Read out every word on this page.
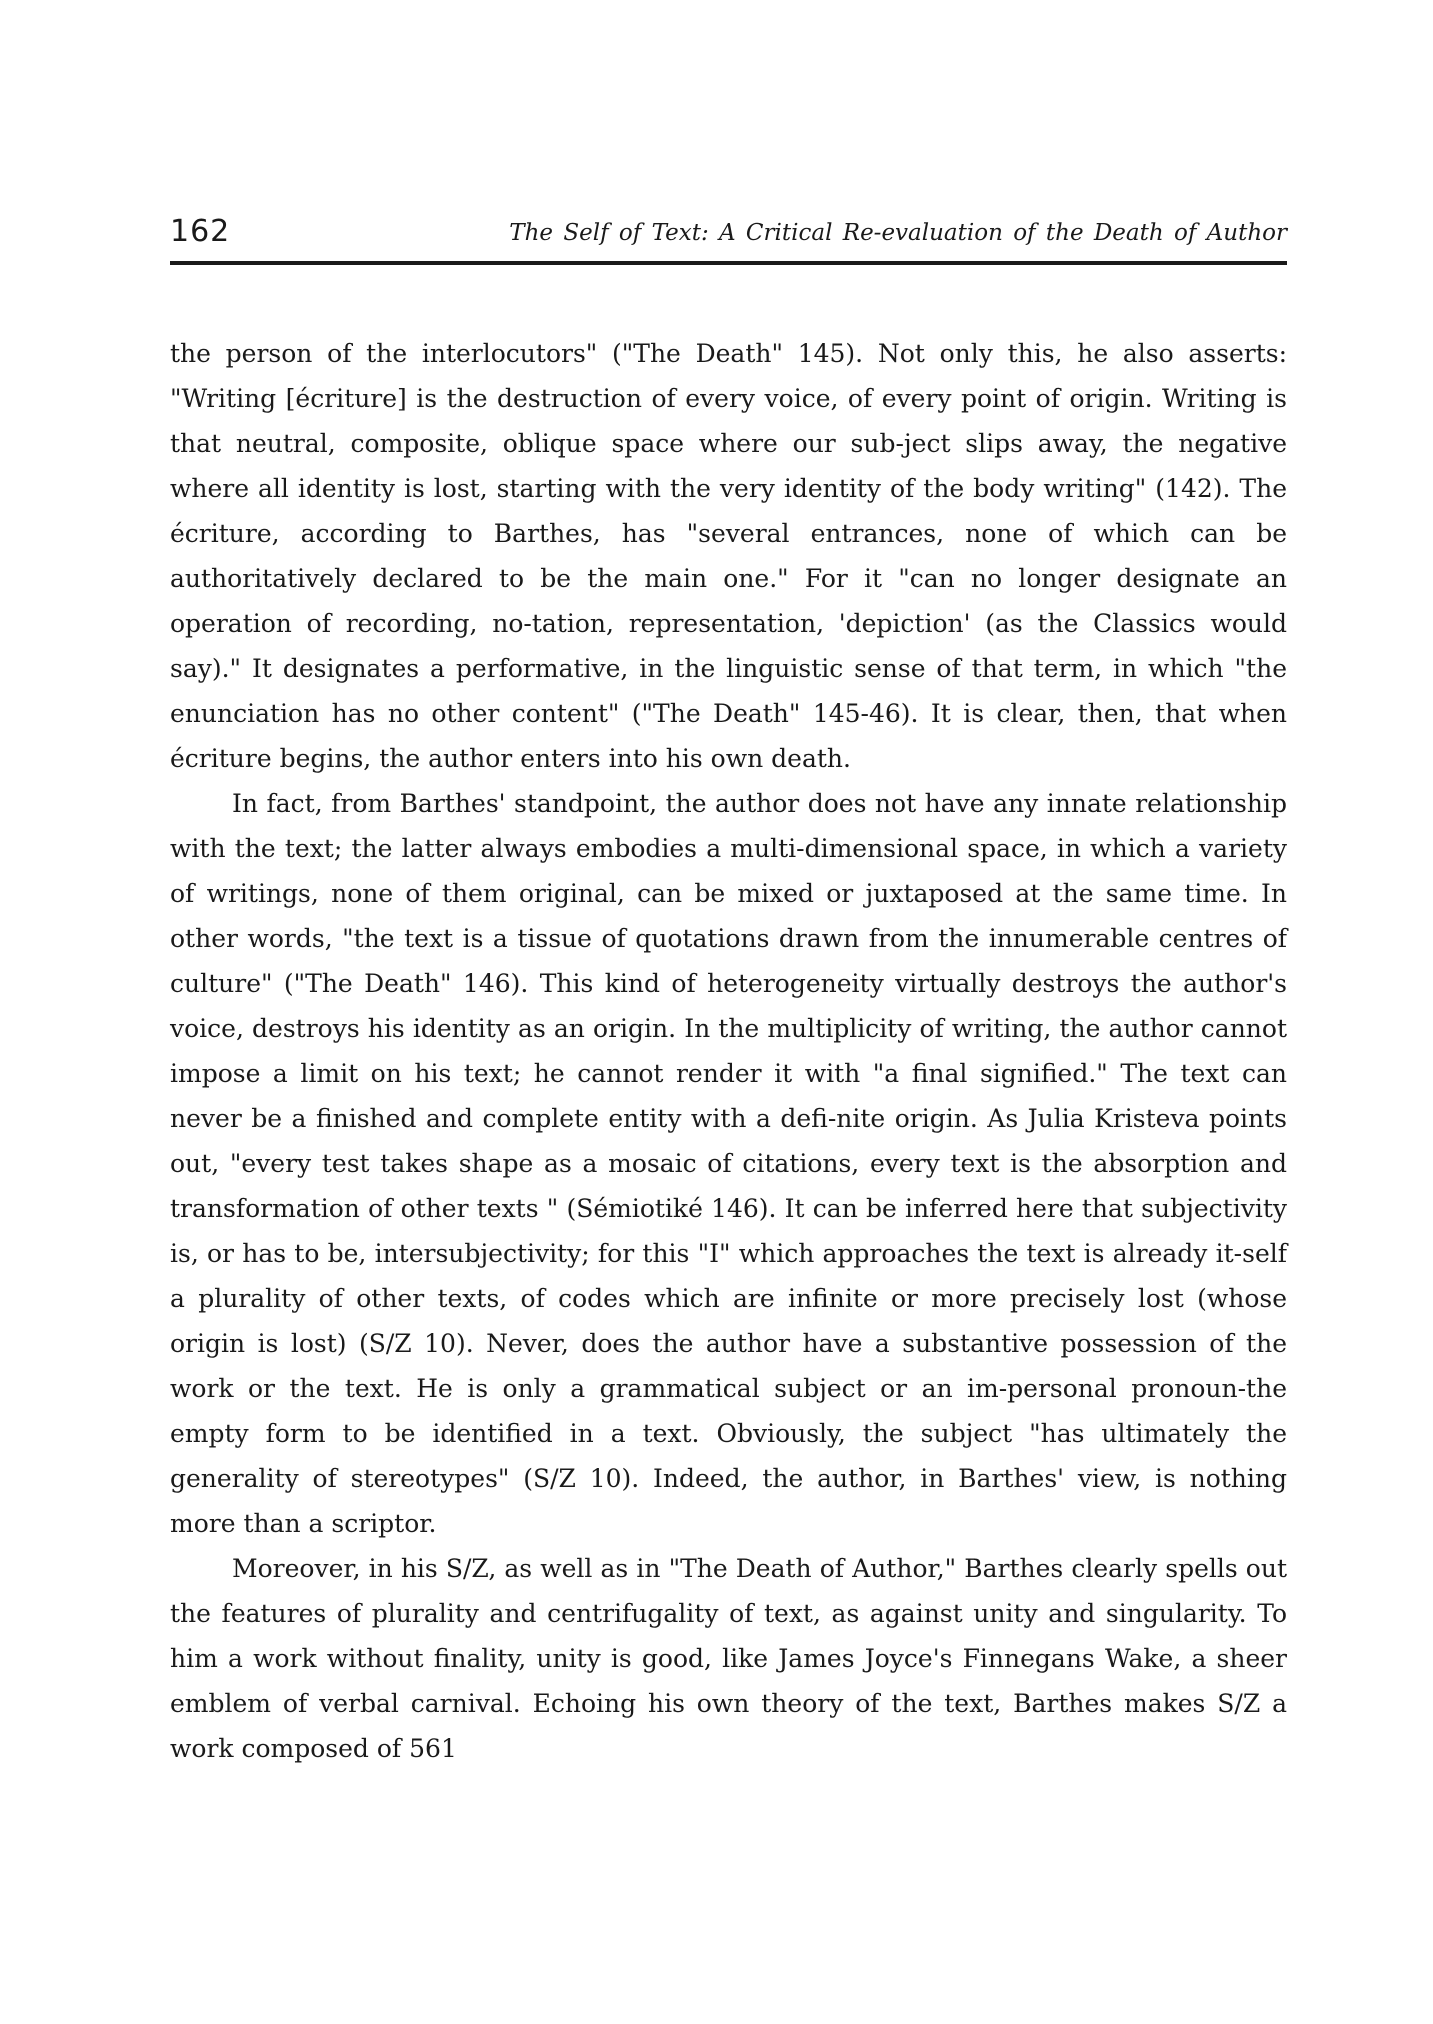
162	The Self of Text: A Critical Re-evaluation of the Death of Author

the person of the interlocutors" ("The Death" 145). Not only this, he also asserts: "Writing [écriture] is the destruction of every voice, of every point of origin. Writing is that neutral, composite, oblique space where our sub-ject slips away, the negative where all identity is lost, starting with the very identity of the body writing" (142). The écriture, according to Barthes, has "several entrances, none of which can be authoritatively declared to be the main one." For it "can no longer designate an operation of recording, no-tation, representation, 'depiction' (as the Classics would say)." It designates a performative, in the linguistic sense of that term, in which "the enunciation has no other content" ("The Death" 145-46). It is clear, then, that when écriture begins, the author enters into his own death.

In fact, from Barthes' standpoint, the author does not have any innate relationship with the text; the latter always embodies a multi-dimensional space, in which a variety of writings, none of them original, can be mixed or juxtaposed at the same time. In other words, "the text is a tissue of quotations drawn from the innumerable centres of culture" ("The Death" 146). This kind of heterogeneity virtually destroys the author's voice, destroys his identity as an origin. In the multiplicity of writing, the author cannot impose a limit on his text; he cannot render it with "a final signified." The text can never be a finished and complete entity with a defi-nite origin. As Julia Kristeva points out, "every test takes shape as a mosaic of citations, every text is the absorption and transformation of other texts " (Sémiotiké 146). It can be inferred here that subjectivity is, or has to be, intersubjectivity; for this "I" which approaches the text is already it-self a plurality of other texts, of codes which are infinite or more precisely lost (whose origin is lost) (S/Z 10). Never, does the author have a substantive possession of the work or the text. He is only a grammatical subject or an im-personal pronoun-the empty form to be identified in a text. Obviously, the subject "has ultimately the generality of stereotypes" (S/Z 10). Indeed, the author, in Barthes' view, is nothing more than a scriptor.

Moreover, in his S/Z, as well as in "The Death of Author," Barthes clearly spells out the features of plurality and centrifugality of text, as against unity and singularity. To him a work without finality, unity is good, like James Joyce's Finnegans Wake, a sheer emblem of verbal carnival. Echoing his own theory of the text, Barthes makes S/Z a work composed of 561
